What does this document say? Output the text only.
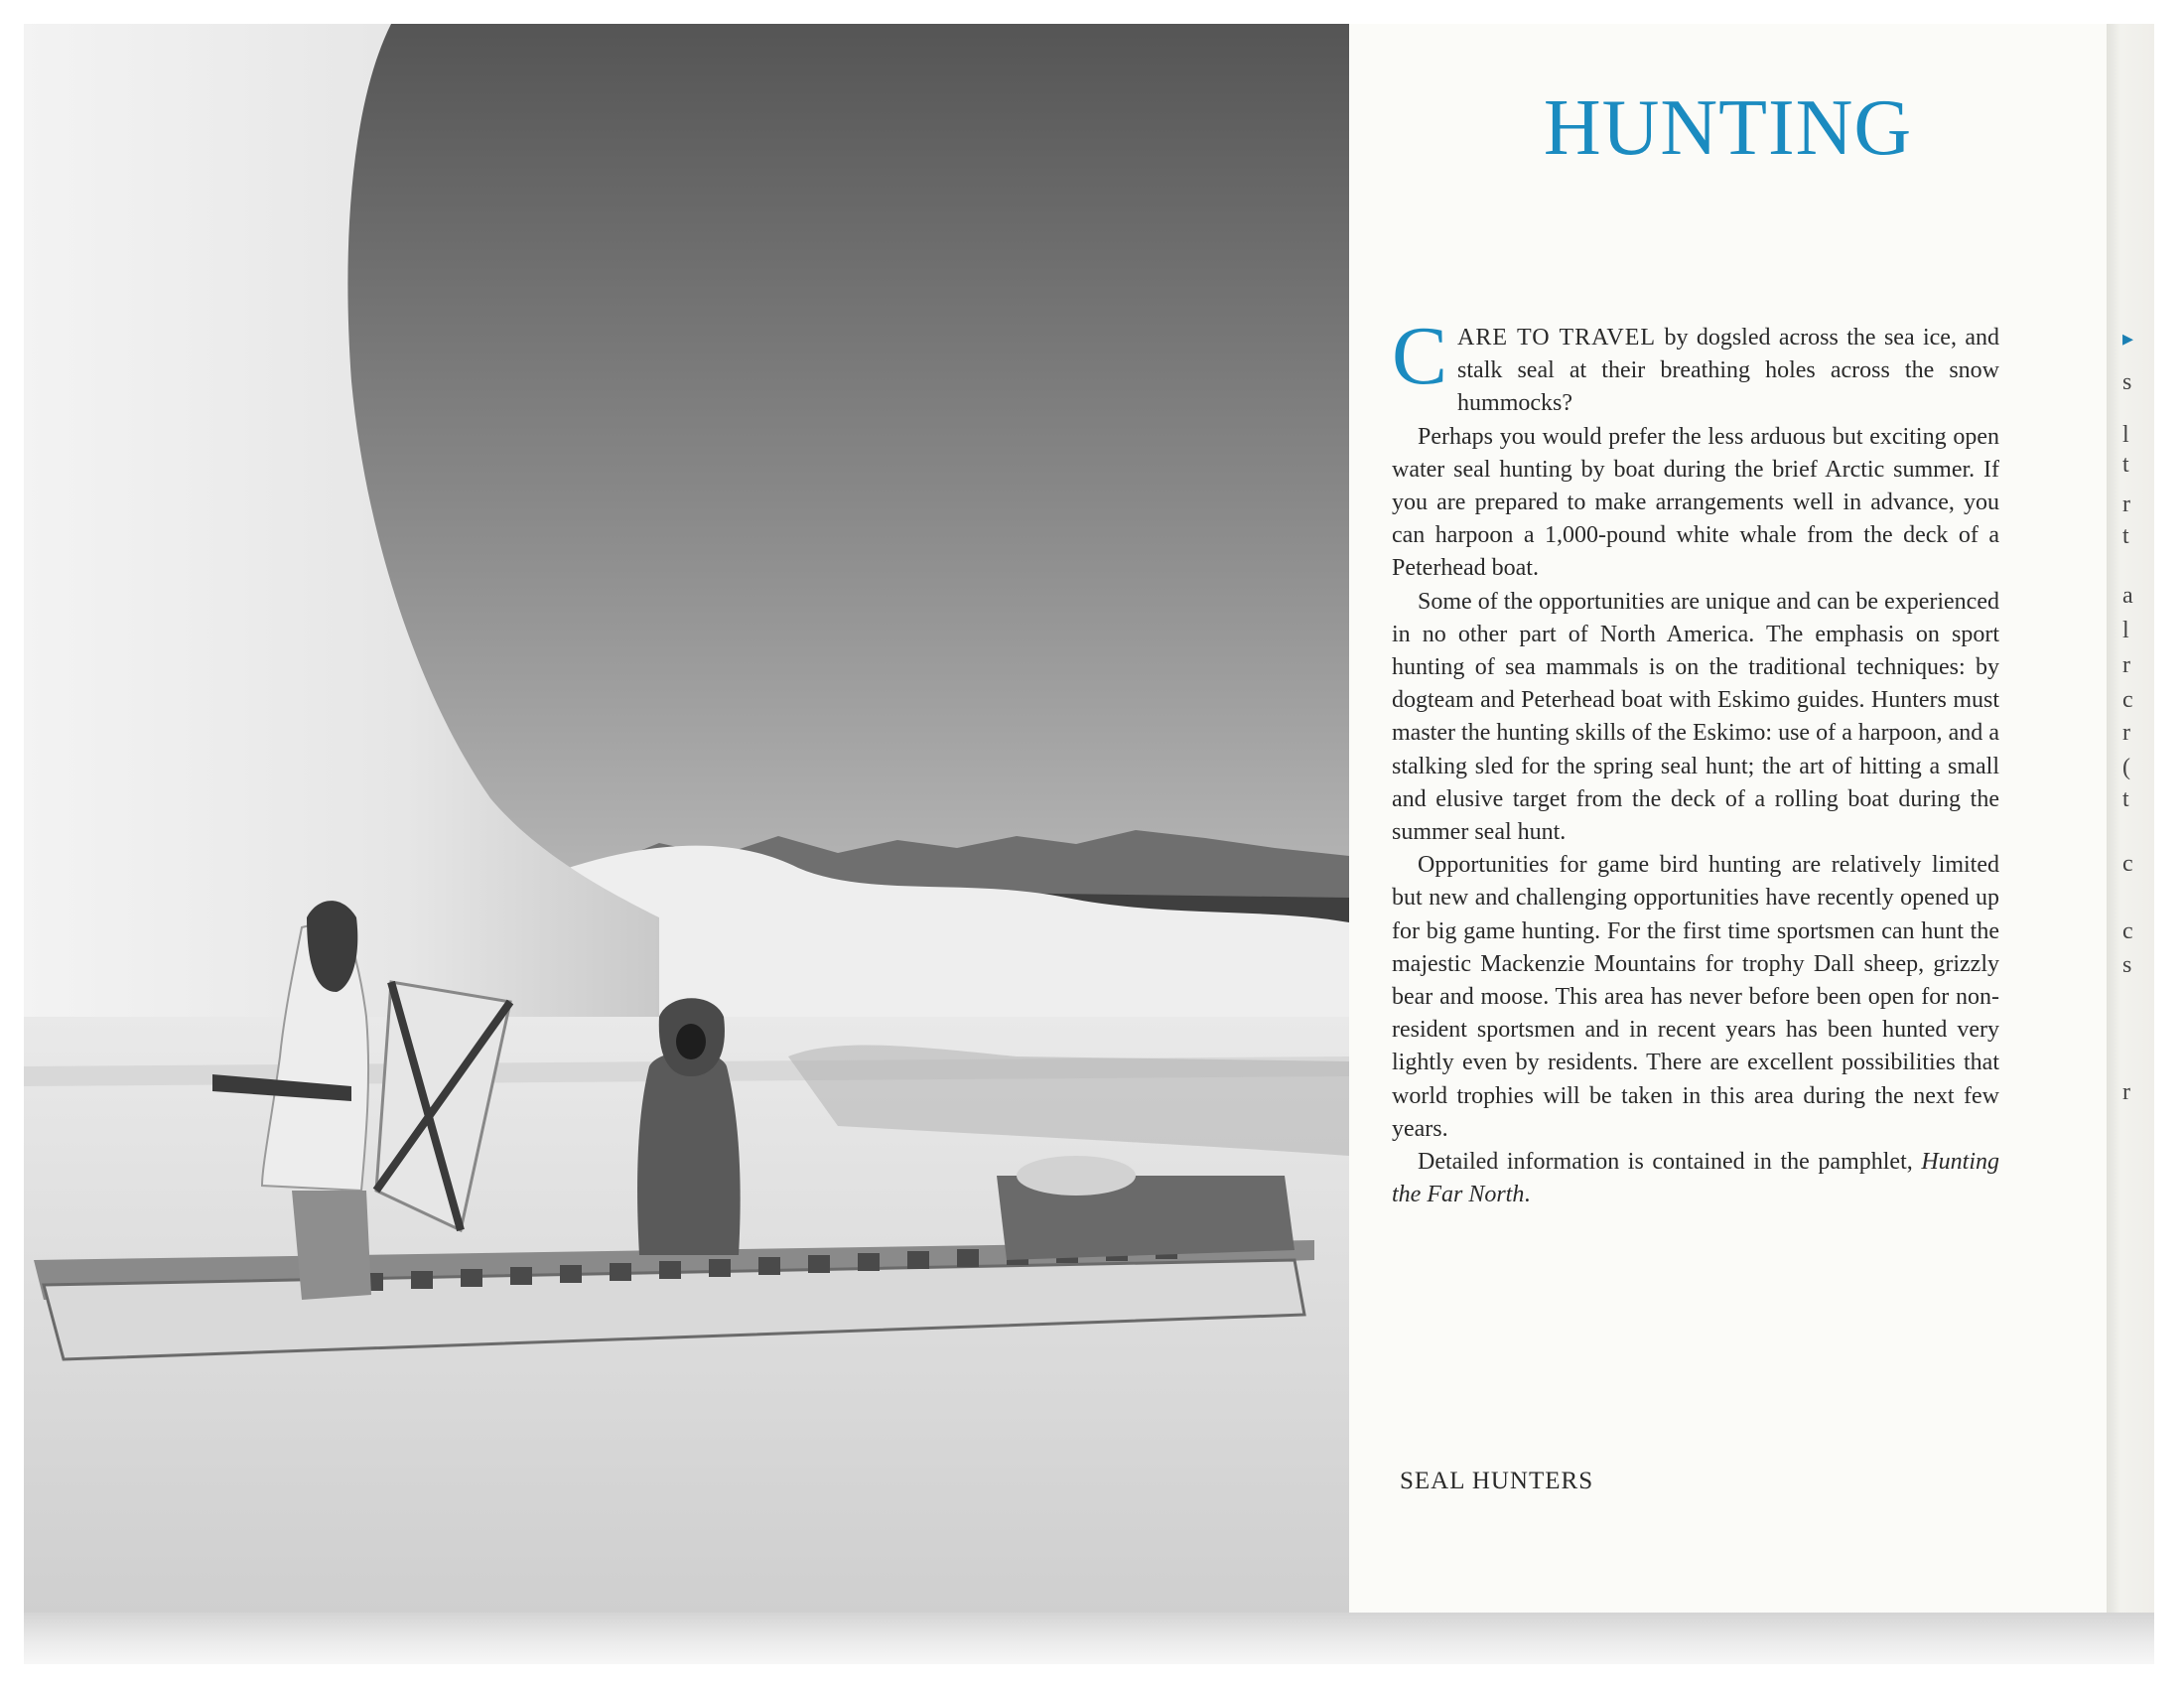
HUNTING
▸
s
l
t
r
t
a
l
r
c
r
(
t
c
c
s
r

CARE TO TRAVEL by dogsled across the sea ice, and stalk seal at their breathing holes across the snow hummocks?

Perhaps you would prefer the less arduous but exciting open water seal hunting by boat during the brief Arctic summer. If you are prepared to make arrangements well in advance, you can harpoon a 1,000-pound white whale from the deck of a Peterhead boat.

Some of the opportunities are unique and can be experienced in no other part of North America. The emphasis on sport hunting of sea mammals is on the traditional techniques: by dogteam and Peterhead boat with Eskimo guides. Hunters must master the hunting skills of the Eskimo: use of a harpoon, and a stalking sled for the spring seal hunt; the art of hitting a small and elusive target from the deck of a rolling boat during the summer seal hunt.

Opportunities for game bird hunting are relatively limited but new and challenging opportunities have recently opened up for big game hunting. For the first time sportsmen can hunt the majestic Mackenzie Mountains for trophy Dall sheep, grizzly bear and moose. This area has never before been open for non-resident sportsmen and in recent years has been hunted very lightly even by residents. There are excellent possibilities that world trophies will be taken in this area during the next few years.

Detailed information is contained in the pamphlet, Hunting the Far North.

SEAL HUNTERS
